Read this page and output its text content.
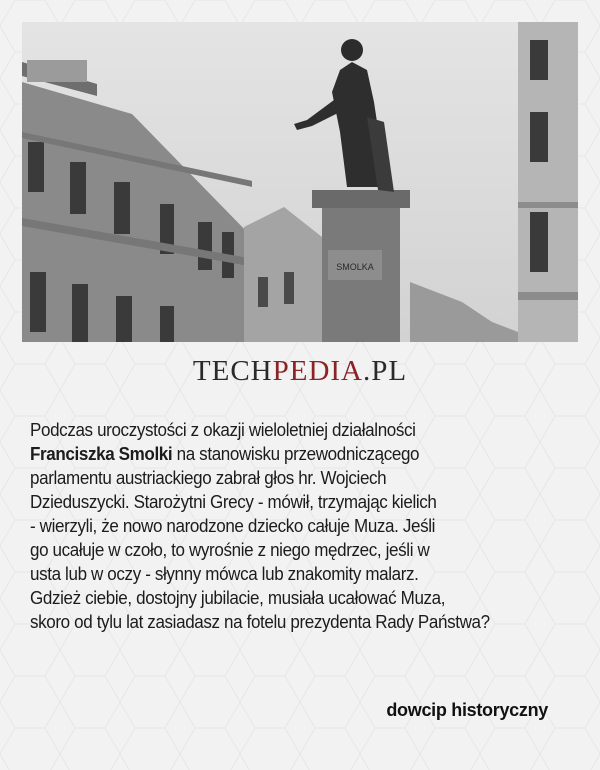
SMOLKA
TECHPEDIA.PL
Podczas uroczystości z okazji wieloletniej działalności
Franciszka Smolki na stanowisku przewodniczącego
parlamentu austriackiego zabrał głos hr. Wojciech
Dzieduszycki. Starożytni Grecy - mówił, trzymając kielich
- wierzyli, że nowo narodzone dziecko całuje Muza. Jeśli
go ucałuje w czoło, to wyrośnie z niego mędrzec, jeśli w
usta lub w oczy - słynny mówca lub znakomity malarz.
Gdzież ciebie, dostojny jubilacie, musiała ucałować Muza,
skoro od tylu lat zasiadasz na fotelu prezydenta Rady Państwa?
dowcip historyczny
